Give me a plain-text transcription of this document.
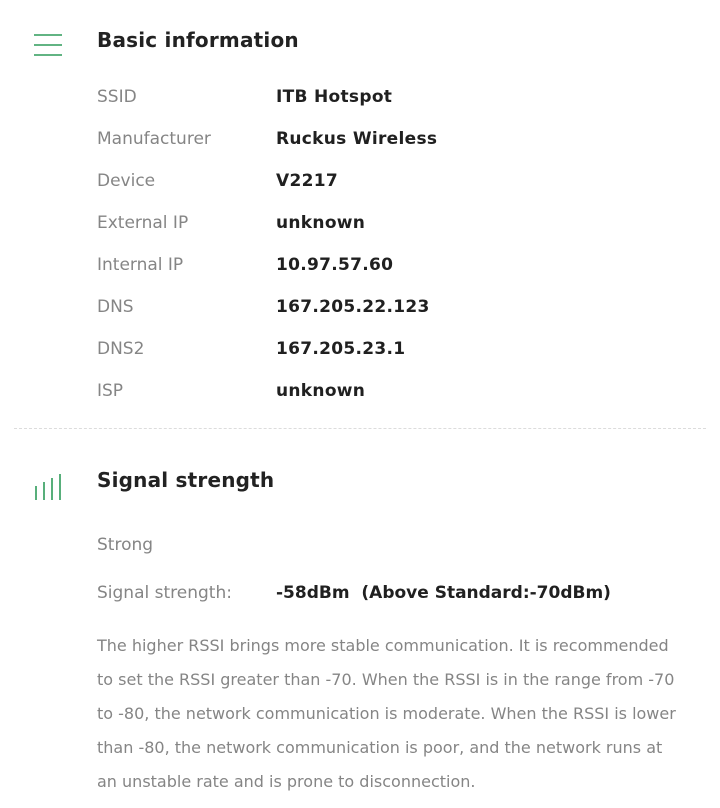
Basic information
SSID	ITB Hotspot
Manufacturer	Ruckus Wireless
Device	V2217
External IP	unknown
Internal IP	10.97.57.60
DNS	167.205.22.123
DNS2	167.205.23.1
ISP	unknown
Signal strength
Strong
Signal strength:	-58dBm  (Above Standard:-70dBm)
The higher RSSI brings more stable communication. It is recommended to set the RSSI greater than -70. When the RSSI is in the range from -70 to -80, the network communication is moderate. When the RSSI is lower than -80, the network communication is poor, and the network runs at an unstable rate and is prone to disconnection.
